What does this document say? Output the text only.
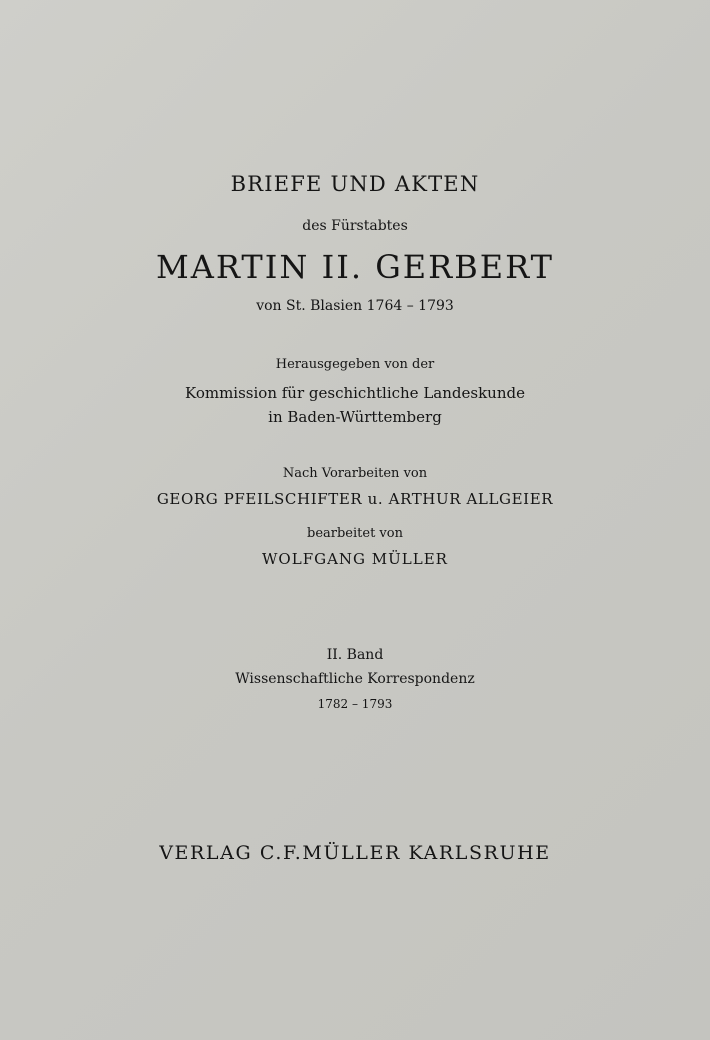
BRIEFE UND AKTEN
des Fürstabtes
MARTIN II. GERBERT
von St. Blasien 1764 – 1793
Herausgegeben von der
Kommission für geschichtliche Landeskunde
in Baden-Württemberg
Nach Vorarbeiten von
GEORG PFEILSCHIFTER u. ARTHUR ALLGEIER
bearbeitet von
WOLFGANG MÜLLER
II. Band
Wissenschaftliche Korrespondenz
1782 – 1793
VERLAG C.F.MÜLLER KARLSRUHE
